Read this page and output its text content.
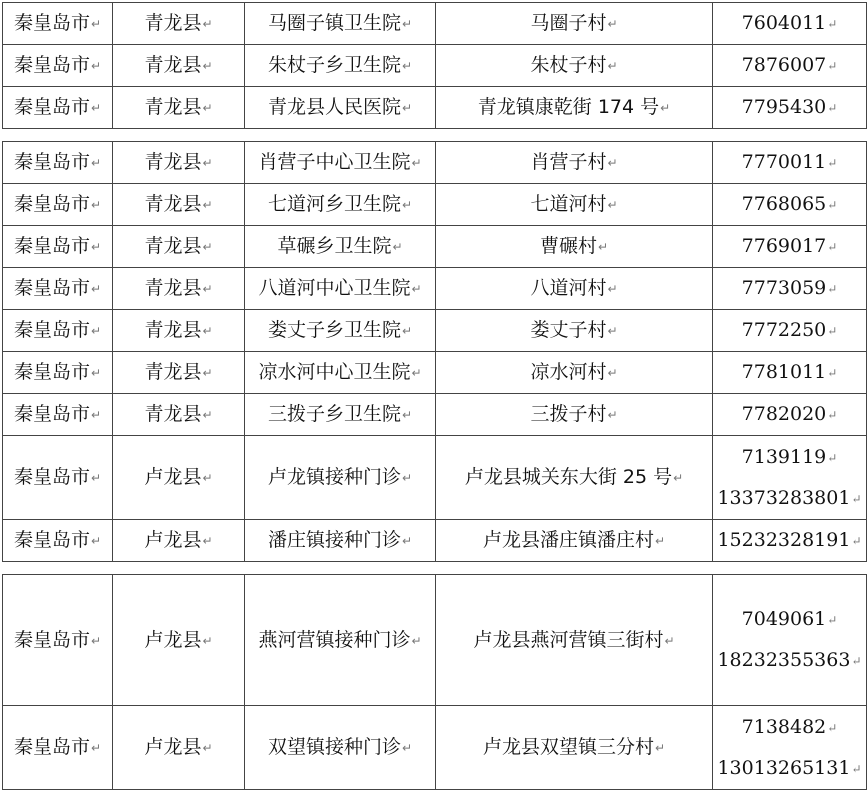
秦皇岛市↵	青龙县↵	马圈子镇卫生院↵	马圈子村↵	7604011↵
秦皇岛市↵	青龙县↵	朱杖子乡卫生院↵	朱杖子村↵	7876007↵
秦皇岛市↵	青龙县↵	青龙县人民医院↵	青龙镇康乾街 174 号↵	7795430↵
秦皇岛市↵	青龙县↵	肖营子中心卫生院↵	肖营子村↵	7770011↵
秦皇岛市↵	青龙县↵	七道河乡卫生院↵	七道河村↵	7768065↵
秦皇岛市↵	青龙县↵	草碾乡卫生院↵	曹碾村↵	7769017↵
秦皇岛市↵	青龙县↵	八道河中心卫生院↵	八道河村↵	7773059↵
秦皇岛市↵	青龙县↵	娄丈子乡卫生院↵	娄丈子村↵	7772250↵
秦皇岛市↵	青龙县↵	凉水河中心卫生院↵	凉水河村↵	7781011↵
秦皇岛市↵	青龙县↵	三拨子乡卫生院↵	三拨子村↵	7782020↵
秦皇岛市↵	卢龙县↵	卢龙镇接种门诊↵	卢龙县城关东大街 25 号↵	7139119↵
13373283801↵

秦皇岛市↵	卢龙县↵	潘庄镇接种门诊↵	卢龙县潘庄镇潘庄村↵	15232328191↵
秦皇岛市↵	卢龙县↵	燕河营镇接种门诊↵	卢龙县燕河营镇三街村↵	7049061↵
18232355363↵

秦皇岛市↵	卢龙县↵	双望镇接种门诊↵	卢龙县双望镇三分村↵	7138482↵
13013265131↵
